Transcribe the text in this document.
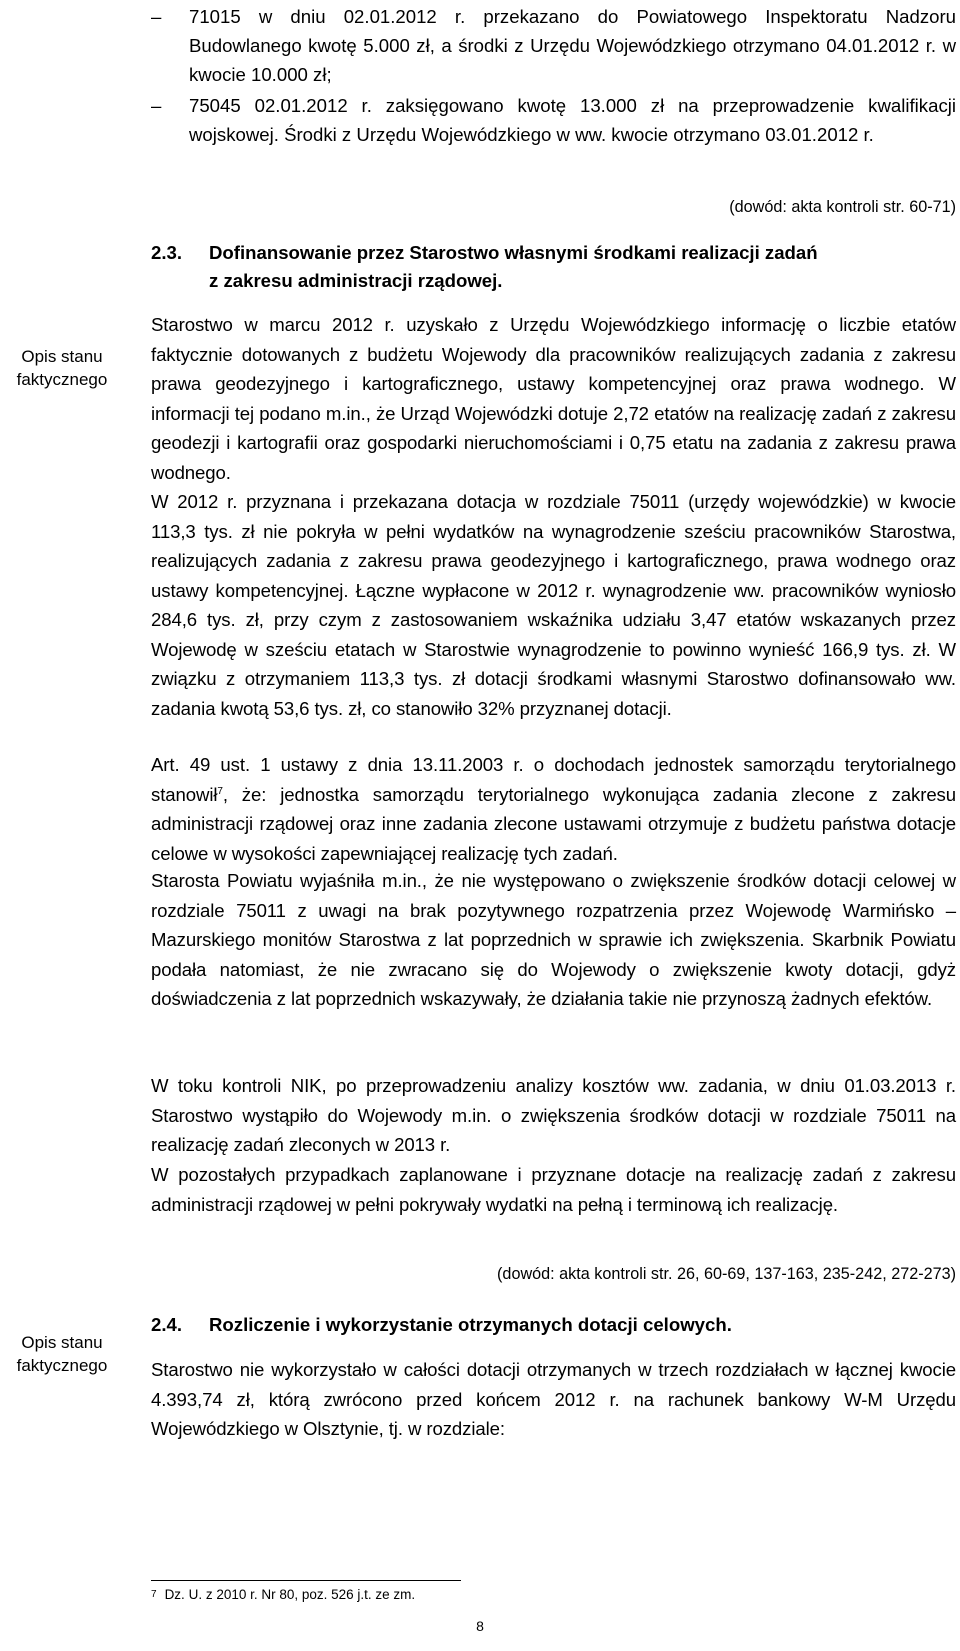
–	71015 w dniu 02.01.2012 r. przekazano do Powiatowego Inspektoratu Nadzoru Budowlanego kwotę 5.000 zł, a środki z Urzędu Wojewódzkiego otrzymano 04.01.2012 r. w kwocie 10.000 zł;
–	75045 02.01.2012 r. zaksięgowano kwotę 13.000 zł na przeprowadzenie kwalifikacji wojskowej. Środki z Urzędu Wojewódzkiego w ww. kwocie otrzymano 03.01.2012 r.
(dowód: akta kontroli str. 60-71)
2.3. Dofinansowanie przez Starostwo własnymi środkami realizacji zadań
z zakresu administracji rządowej.
Opis stanu
faktycznego
Starostwo w marcu 2012 r. uzyskało z Urzędu Wojewódzkiego informację o liczbie etatów faktycznie dotowanych z budżetu Wojewody dla pracowników realizujących zadania z zakresu prawa geodezyjnego i kartograficznego, ustawy kompetencyjnej oraz prawa wodnego. W informacji tej podano m.in., że Urząd Wojewódzki dotuje 2,72 etatów na realizację zadań z zakresu geodezji i kartografii oraz gospodarki nieruchomościami i 0,75 etatu na zadania z zakresu prawa wodnego.
W 2012 r. przyznana i przekazana dotacja w rozdziale 75011 (urzędy wojewódzkie) w kwocie 113,3 tys. zł nie pokryła w pełni wydatków na wynagrodzenie sześciu pracowników Starostwa, realizujących zadania z zakresu prawa geodezyjnego i kartograficznego, prawa wodnego oraz ustawy kompetencyjnej. Łączne wypłacone w 2012 r. wynagrodzenie ww. pracowników wyniosło 284,6 tys. zł, przy czym z zastosowaniem wskaźnika udziału 3,47 etatów wskazanych przez Wojewodę w sześciu etatach w Starostwie wynagrodzenie to powinno wynieść 166,9 tys. zł. W związku z otrzymaniem 113,3 tys. zł dotacji środkami własnymi Starostwo dofinansowało ww. zadania kwotą 53,6 tys. zł, co stanowiło 32% przyznanej dotacji.
Art. 49 ust. 1 ustawy z dnia 13.11.2003 r. o dochodach jednostek samorządu terytorialnego stanowił$^7$, że: jednostka samorządu terytorialnego wykonująca zadania zlecone z zakresu administracji rządowej oraz inne zadania zlecone ustawami otrzymuje z budżetu państwa dotacje celowe w wysokości zapewniającej realizację tych zadań.
Starosta Powiatu wyjaśniła m.in., że nie występowano o zwiększenie środków dotacji celowej w rozdziale 75011 z uwagi na brak pozytywnego rozpatrzenia przez Wojewodę Warmińsko – Mazurskiego monitów Starostwa z lat poprzednich w sprawie ich zwiększenia. Skarbnik Powiatu podała natomiast, że nie zwracano się do Wojewody o zwiększenie kwoty dotacji, gdyż doświadczenia z lat poprzednich wskazywały, że działania takie nie przynoszą żadnych efektów.
W toku kontroli NIK, po przeprowadzeniu analizy kosztów ww. zadania, w dniu 01.03.2013 r. Starostwo wystąpiło do Wojewody m.in. o zwiększenia środków dotacji w rozdziale 75011 na realizację zadań zleconych w 2013 r.
W pozostałych przypadkach zaplanowane i przyznane dotacje na realizację zadań z zakresu administracji rządowej w pełni pokrywały wydatki na pełną i terminową ich realizację.
(dowód: akta kontroli str. 26, 60-69, 137-163, 235-242, 272-273)
2.4. Rozliczenie i wykorzystanie otrzymanych dotacji celowych.
Opis stanu
faktycznego	Starostwo nie wykorzystało w całości dotacji otrzymanych w trzech rozdziałach w łącznej kwocie 4.393,74 zł, którą zwrócono przed końcem 2012 r. na rachunek bankowy W-M Urzędu Wojewódzkiego w Olsztynie, tj. w rozdziale:
$^7$ Dz. U. z 2010 r. Nr 80, poz. 526 j.t. ze zm.
8
